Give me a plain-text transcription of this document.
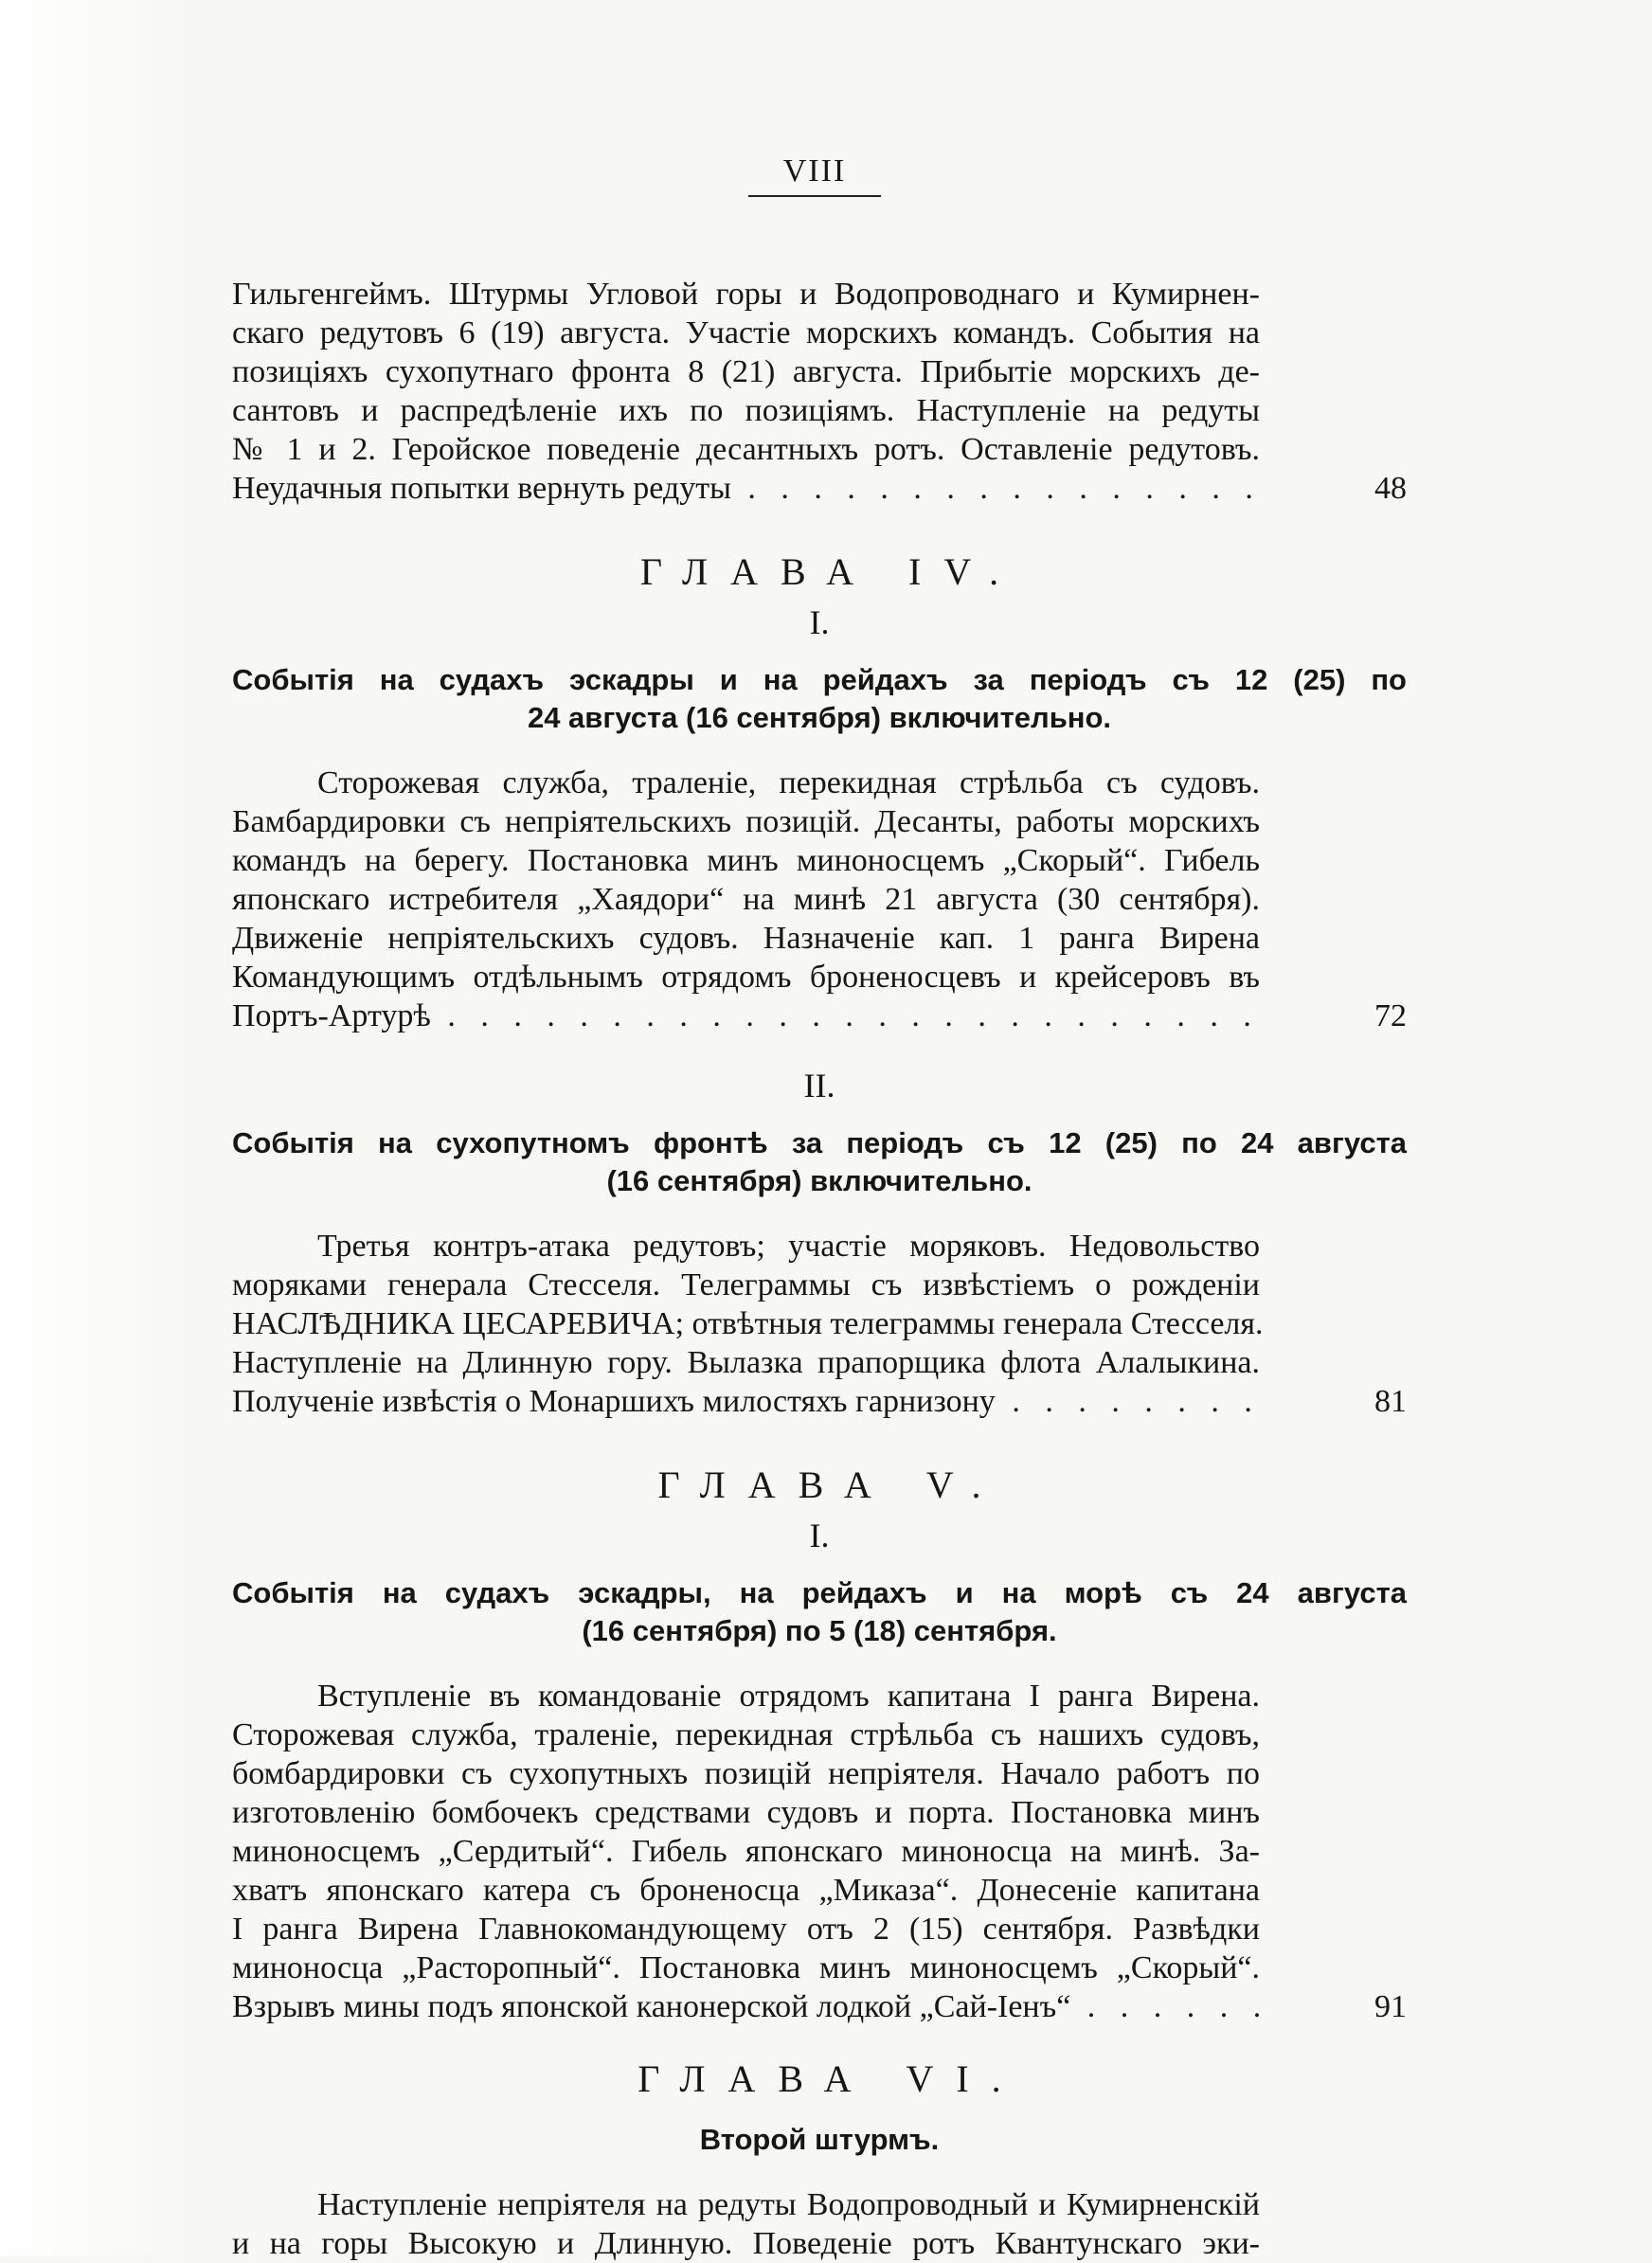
VIII
Гильгенгеймъ. Штурмы Угловой горы и Водопроводнаго и Кумирнен-
скаго редутовъ 6 (19) августа. Участіе морскихъ командъ. События на
позиціяхъ сухопутнаго фронта 8 (21) августа. Прибытіе морскихъ де-
сантовъ и распредѣленіе ихъ по позиціямъ. Наступленіе на редуты
№ 1 и 2. Геройское поведеніе десантныхъ ротъ. Оставленіе редутовъ.
Неудачныя попытки вернуть редуты . . .	48
ГЛАВА IV.
I.
Событія на судахъ эскадры и на рейдахъ за періодъ съ 12 (25) по
24 августа (16 сентября) включительно.
Сторожевая служба, траленіе, перекидная стрѣльба съ судовъ.
Бамбардировки съ непріятельскихъ позицій. Десанты, работы морскихъ
командъ на берегу. Постановка минъ миноносцемъ „Скорый“. Гибель
японскаго истребителя „Хаядори“ на минѣ 21 августа (30 сентября).
Движеніе непріятельскихъ судовъ. Назначеніе кап. 1 ранга Вирена
Командующимъ отдѣльнымъ отрядомъ броненосцевъ и крейсеровъ въ
Портъ-Артурѣ . . .	72
II.
Событія на сухопутномъ фронтѣ за періодъ съ 12 (25) по 24 августа
(16 сентября) включительно.
Третья контръ-атака редутовъ; участіе моряковъ. Недовольство
моряками генерала Стесселя. Телеграммы съ извѣстіемъ о рожденіи
НАСЛѢДНИКА ЦЕСАРЕВИЧА; отвѣтныя телеграммы генерала Стесселя.
Наступленіе на Длинную гору. Вылазка прапорщика флота Алалыкина.
Полученіе извѣстія о Монаршихъ милостяхъ гарнизону . . .	81
ГЛАВА V.
I.
Событія на судахъ эскадры, на рейдахъ и на морѣ съ 24 августа
(16 сентября) по 5 (18) сентября.
Вступленіе въ командованіе отрядомъ капитана I ранга Вирена.
Сторожевая служба, траленіе, перекидная стрѣльба съ нашихъ судовъ,
бомбардировки съ сухопутныхъ позицій непріятеля. Начало работъ по
изготовленію бомбочекъ средствами судовъ и порта. Постановка минъ
миноносцемъ „Сердитый“. Гибель японскаго миноносца на минѣ. За-
хватъ японскаго катера съ броненосца „Миказа“. Донесеніе капитана
I ранга Вирена Главнокомандующему отъ 2 (15) сентября. Развѣдки
миноносца „Расторопный“. Постановка минъ миноносцемъ „Скорый“.
Взрывъ мины подъ японской канонерской лодкой „Сай-Іенъ“ . . .	91
ГЛАВА VI.
Второй штурмъ.
Наступленіе непріятеля на редуты Водопроводный и Кумирненскій
и на горы Высокую и Длинную. Поведеніе ротъ Квантунскаго эки-
